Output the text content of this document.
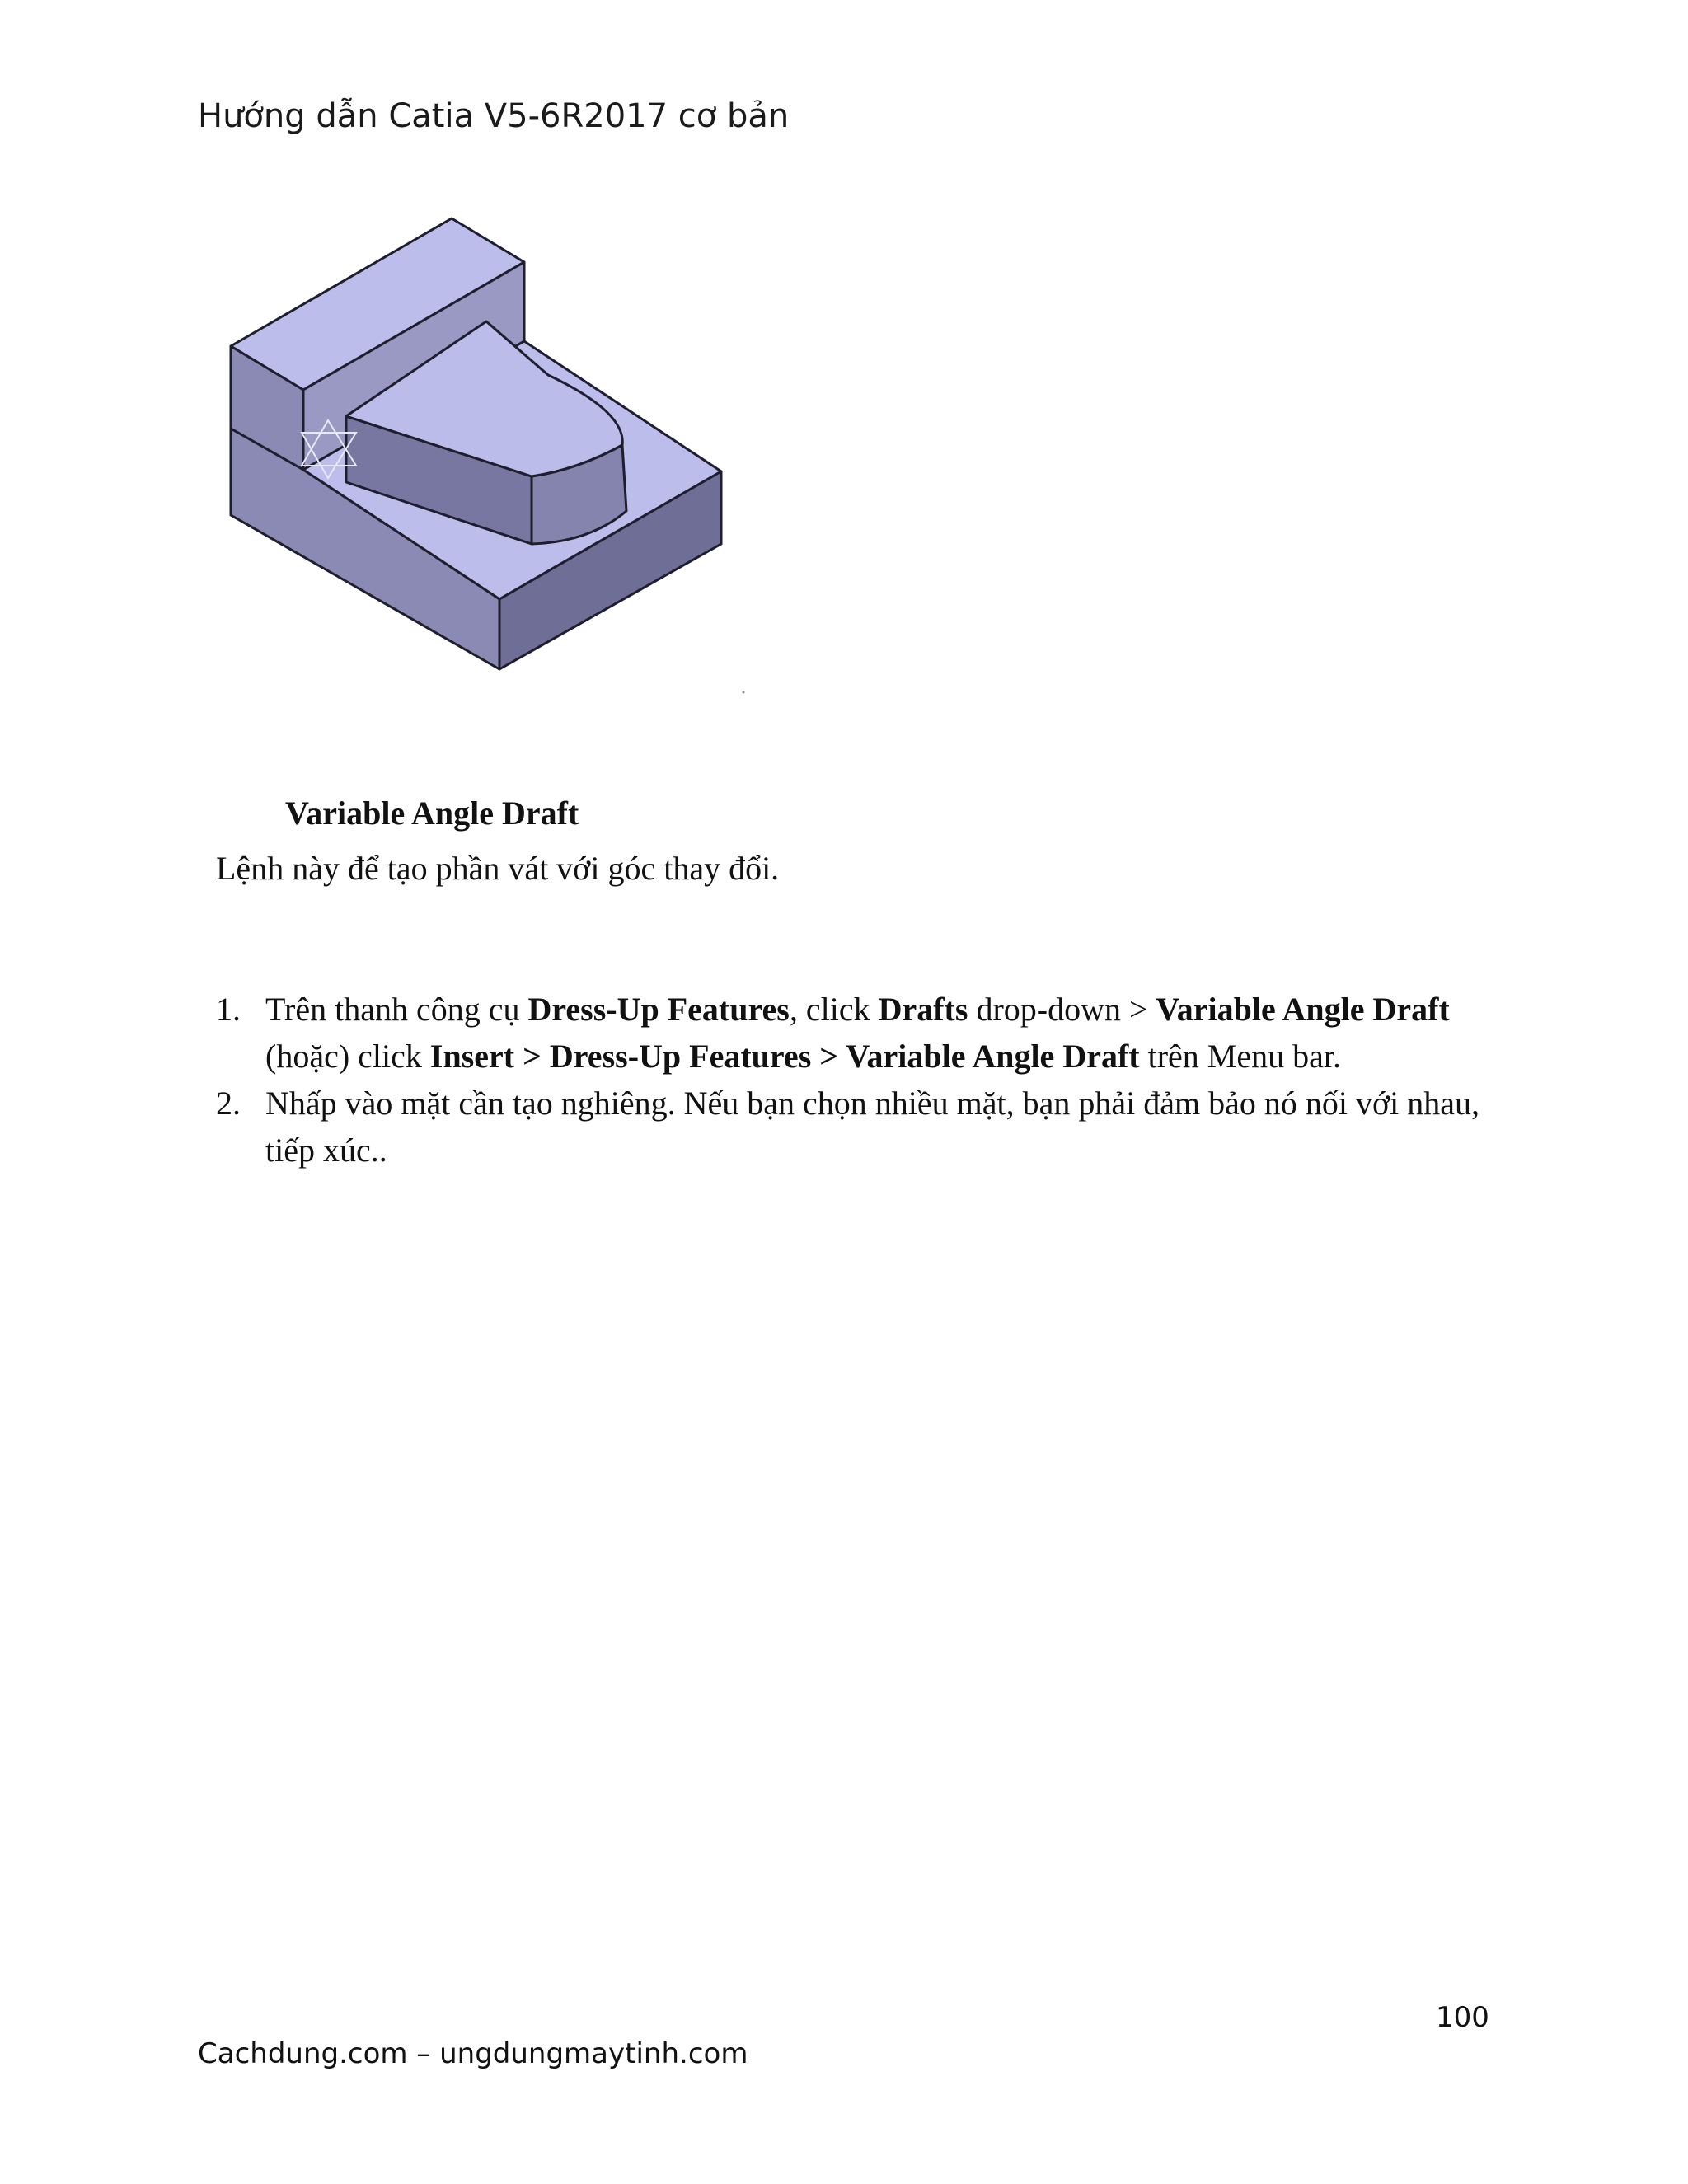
Hướng dẫn Catia V5-6R2017 cơ bản
Variable Angle Draft
Lệnh này để tạo phần vát với góc thay đổi.
1. Trên thanh công cụ Dress-Up Features, click Drafts drop-down > Variable Angle Draft (hoặc) click Insert > Dress-Up Features > Variable Angle Draft trên Menu bar.
2. Nhấp vào mặt cần tạo nghiêng. Nếu bạn chọn nhiều mặt, bạn phải đảm bảo nó nối với nhau, tiếp xúc..
100
Cachdung.com – ungdungmaytinh.com
